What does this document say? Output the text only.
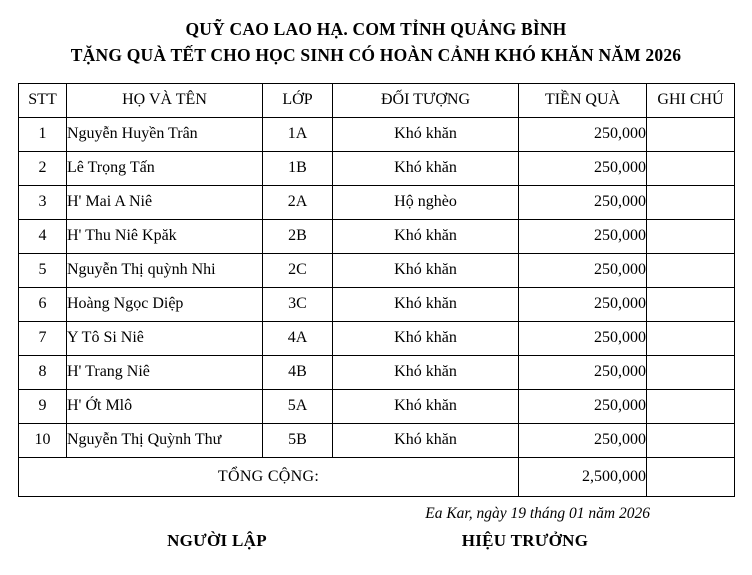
QUỸ CAO LAO HẠ. COM TỈNH QUẢNG BÌNH
TẶNG QUÀ TẾT CHO HỌC SINH CÓ HOÀN CẢNH KHÓ KHĂN NĂM 2026
STT	HỌ VÀ TÊN	LỚP	ĐỐI TƯỢNG	TIỀN QUÀ	GHI CHÚ
1	Nguyễn Huyền Trân	1A	Khó khăn	250,000	
2	Lê Trọng Tấn	1B	Khó khăn	250,000	
3	H' Mai A Niê	2A	Hộ nghèo	250,000	
4	H' Thu Niê Kpăk	2B	Khó khăn	250,000	
5	Nguyễn Thị quỳnh Nhi	2C	Khó khăn	250,000	
6	Hoàng Ngọc Diệp	3C	Khó khăn	250,000	
7	Y Tô Si Niê	4A	Khó khăn	250,000	
8	H' Trang Niê	4B	Khó khăn	250,000	
9	H' Ớt Mlô	5A	Khó khăn	250,000	
10	Nguyễn Thị Quỳnh Thư	5B	Khó khăn	250,000	
TỔNG CỘNG:				2,500,000	
Ea Kar, ngày 19 tháng 01 năm 2026
NGƯỜI LẬP	HIỆU TRƯỞNG
